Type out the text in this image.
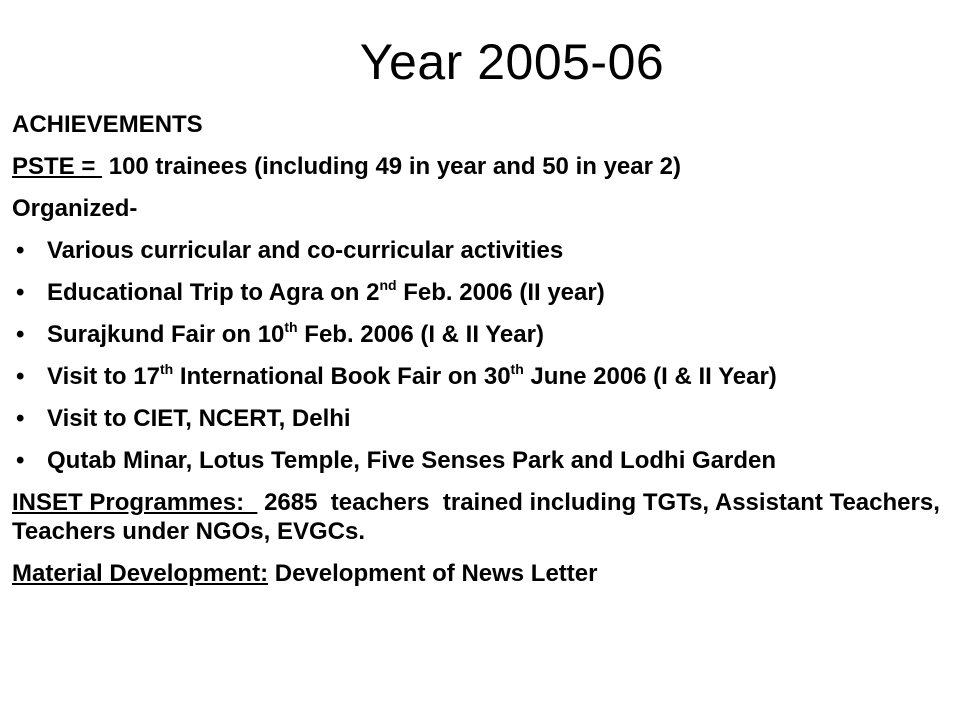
Year 2005-06
ACHIEVEMENTS
PSTE =  100 trainees (including 49 in year and 50 in year 2)
Organized-
• Various curricular and co-curricular activities
• Educational Trip to Agra on 2nd Feb. 2006 (II year)
• Surajkund Fair on 10th Feb. 2006 (I & II Year)
• Visit to 17th International Book Fair on 30th June 2006 (I & II Year)
• Visit to CIET, NCERT, Delhi
• Qutab Minar, Lotus Temple, Five Senses Park and Lodhi Garden
INSET Programmes:   2685  teachers  trained including TGTs, Assistant Teachers, Teachers under NGOs, EVGCs.
Material Development: Development of News Letter
